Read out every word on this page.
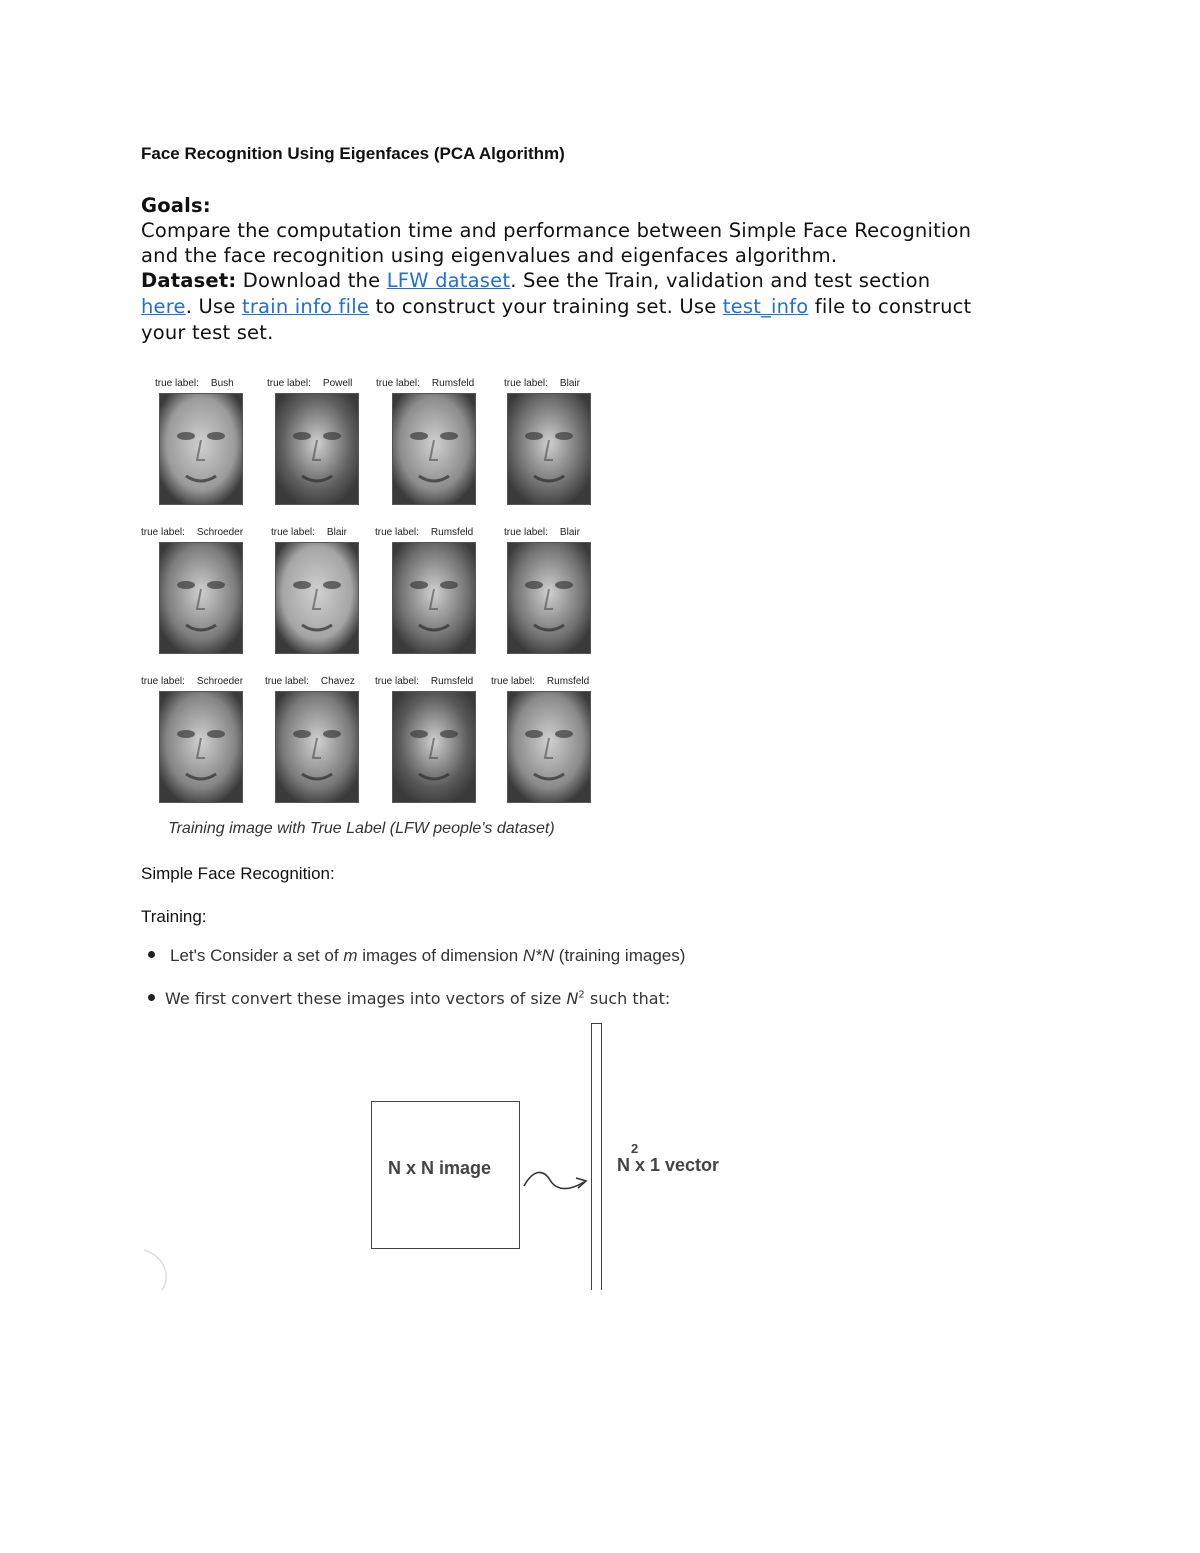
Face Recognition Using Eigenfaces (PCA Algorithm)
Goals:
Compare the computation time and performance between Simple Face Recognition
and the face recognition using eigenvalues and eigenfaces algorithm.
Dataset: Download the LFW dataset. See the Train, validation and test section
here. Use train info file to construct your training set. Use test_info file to construct
your test set.
true label: Bush	true label: Powell true label: Rumsfeld	true label: Blair
true label: Schroeder	true label: Blair	true label: Rumsfeld	true label: Blair
true label: Schroeder true label: Chavez true label: Rumsfeld true label: Rumsfeld
Training image with True Label (LFW people's dataset)
Simple Face Recognition:
Training:
Let's Consider a set of m images of dimension N*N (training images)
We first convert these images into vectors of size $N^2$ such that:
N x N image	N
2
x 1 vector
